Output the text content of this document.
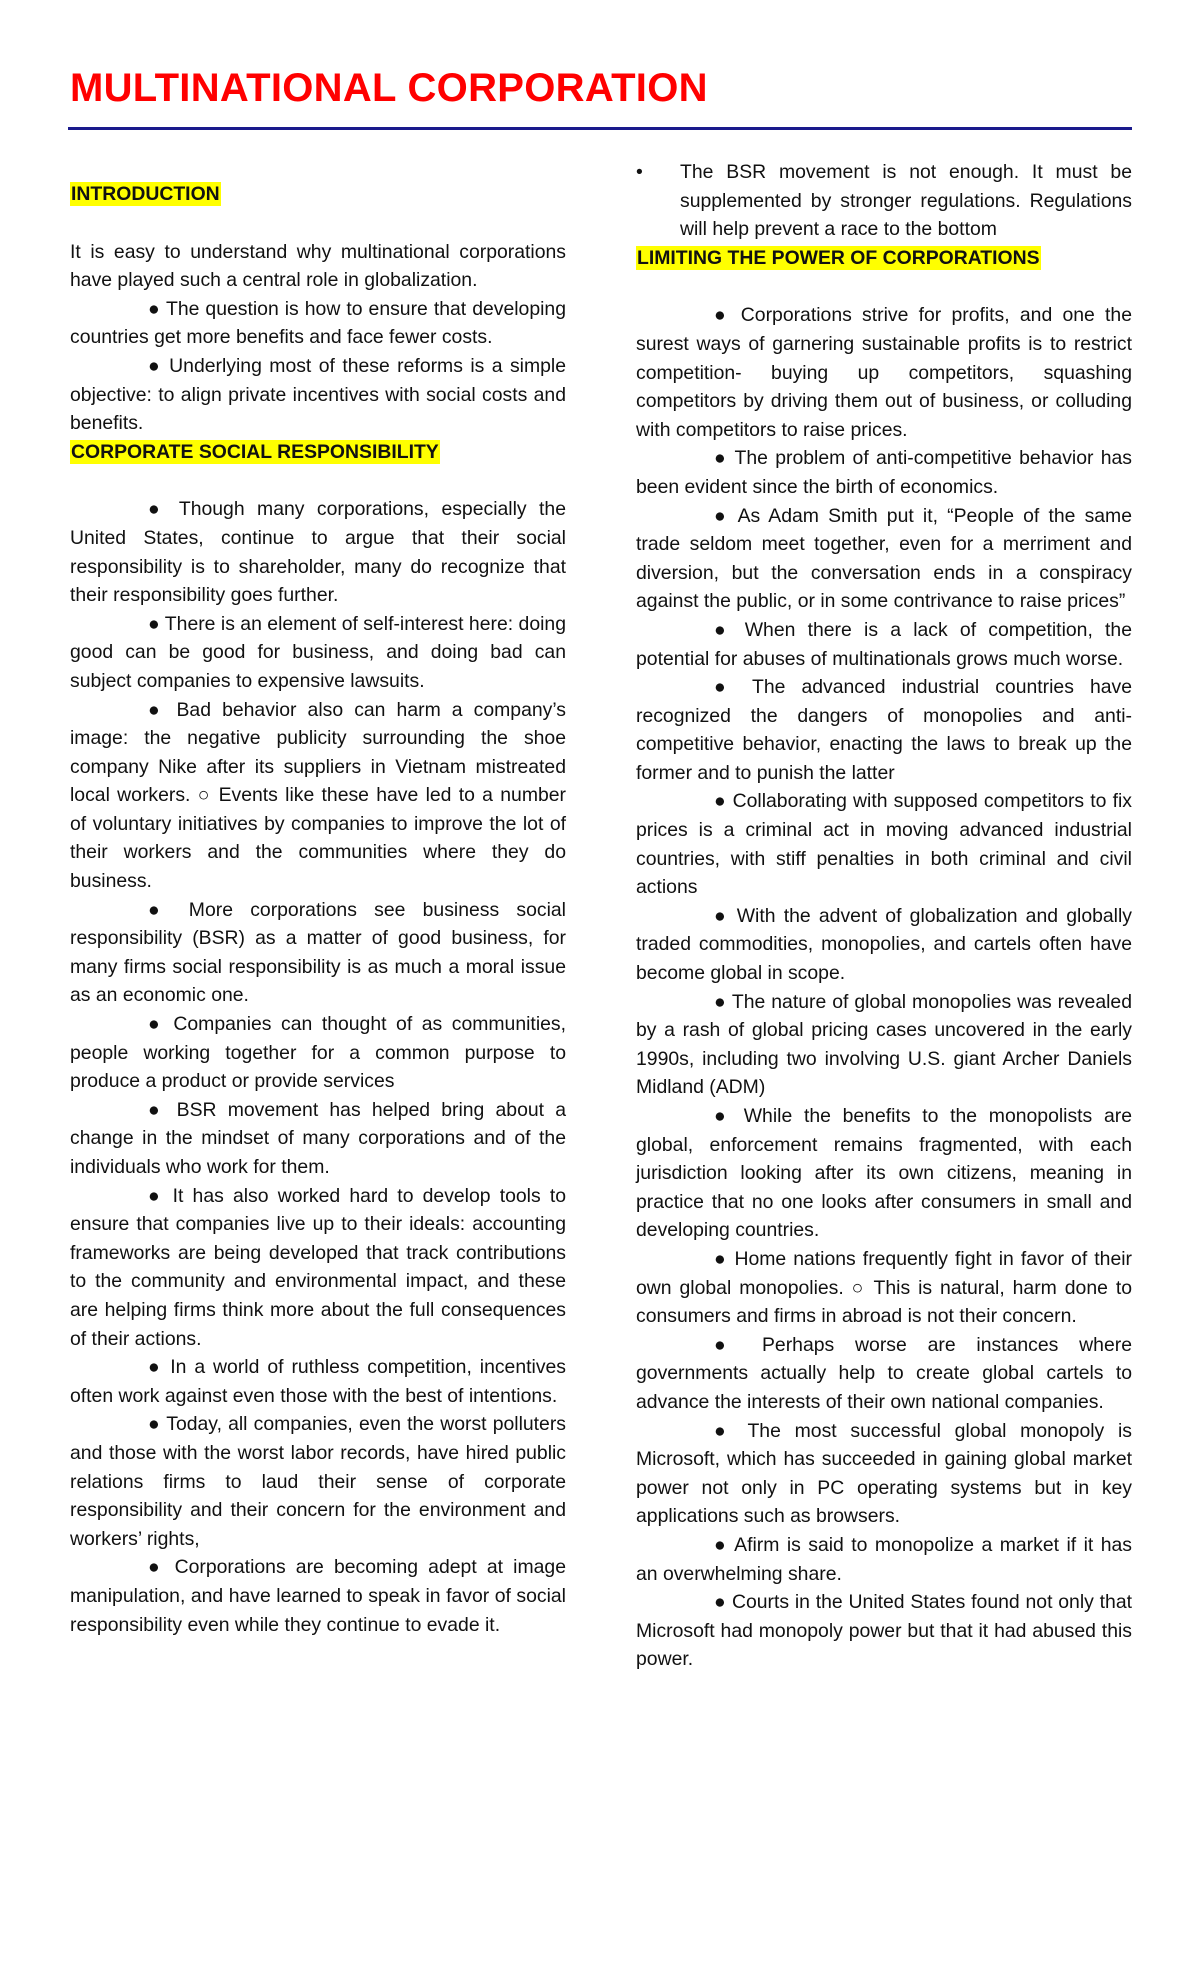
MULTINATIONAL CORPORATION
INTRODUCTION

It is easy to understand why multinational corporations have played such a central role in globalization.

● The question is how to ensure that developing countries get more benefits and face fewer costs.

● Underlying most of these reforms is a simple objective: to align private incentives with social costs and benefits.

CORPORATE SOCIAL RESPONSIBILITY

● Though many corporations, especially the United States, continue to argue that their social responsibility is to shareholder, many do recognize that their responsibility goes further.

● There is an element of self-interest here: doing good can be good for business, and doing bad can subject companies to expensive lawsuits.

● Bad behavior also can harm a company’s image: the negative publicity surrounding the shoe company Nike after its suppliers in Vietnam mistreated local workers. ○ Events like these have led to a number of voluntary initiatives by companies to improve the lot of their workers and the communities where they do business.

● More corporations see business social responsibility (BSR) as a matter of good business, for many firms social responsibility is as much a moral issue as an economic one.

● Companies can thought of as communities, people working together for a common purpose to produce a product or provide services

● BSR movement has helped bring about a change in the mindset of many corporations and of the individuals who work for them.

● It has also worked hard to develop tools to ensure that companies live up to their ideals: accounting frameworks are being developed that track contributions to the community and environmental impact, and these are helping firms think more about the full consequences of their actions.

● In a world of ruthless competition, incentives often work against even those with the best of intentions.

● Today, all companies, even the worst polluters and those with the worst labor records, have hired public relations firms to laud their sense of corporate responsibility and their concern for the environment and workers’ rights,

● Corporations are becoming adept at image manipulation, and have learned to speak in favor of social responsibility even while they continue to evade it.

• The BSR movement is not enough. It must be supplemented by stronger regulations. Regulations will help prevent a race to the bottom
LIMITING THE POWER OF CORPORATIONS

● Corporations strive for profits, and one the surest ways of garnering sustainable profits is to restrict competition- buying up competitors, squashing competitors by driving them out of business, or colluding with competitors to raise prices.

● The problem of anti-competitive behavior has been evident since the birth of economics.

● As Adam Smith put it, “People of the same trade seldom meet together, even for a merriment and diversion, but the conversation ends in a conspiracy against the public, or in some contrivance to raise prices”

● When there is a lack of competition, the potential for abuses of multinationals grows much worse.

● The advanced industrial countries have recognized the dangers of monopolies and anti-competitive behavior, enacting the laws to break up the former and to punish the latter

● Collaborating with supposed competitors to fix prices is a criminal act in moving advanced industrial countries, with stiff penalties in both criminal and civil actions

● With the advent of globalization and globally traded commodities, monopolies, and cartels often have become global in scope.

● The nature of global monopolies was revealed by a rash of global pricing cases uncovered in the early 1990s, including two involving U.S. giant Archer Daniels Midland (ADM)

● While the benefits to the monopolists are global, enforcement remains fragmented, with each jurisdiction looking after its own citizens, meaning in practice that no one looks after consumers in small and developing countries.

● Home nations frequently fight in favor of their own global monopolies. ○ This is natural, harm done to consumers and firms in abroad is not their concern.

● Perhaps worse are instances where governments actually help to create global cartels to advance the interests of their own national companies.

● The most successful global monopoly is Microsoft, which has succeeded in gaining global market power not only in PC operating systems but in key applications such as browsers.

● Afirm is said to monopolize a market if it has an overwhelming share.

● Courts in the United States found not only that Microsoft had monopoly power but that it had abused this power.
